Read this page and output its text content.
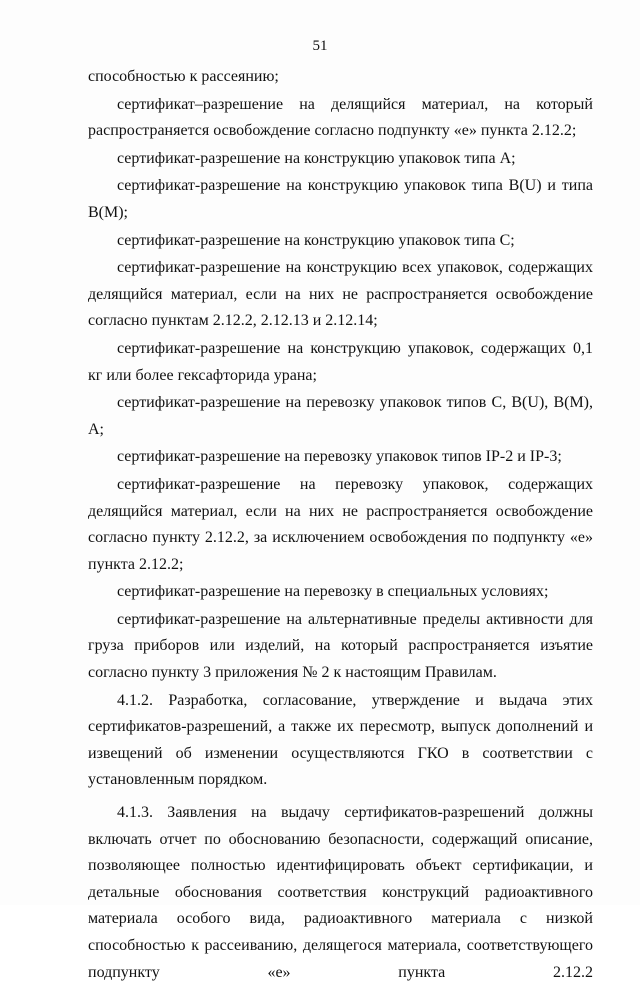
51

способностью к рассеянию;

сертификат–разрешение на делящийся материал, на который распространяется освобождение согласно подпункту «е» пункта 2.12.2;

сертификат-разрешение на конструкцию упаковок типа A;

сертификат-разрешение на конструкцию упаковок типа B(U) и типа B(M);

сертификат-разрешение на конструкцию упаковок типа C;

сертификат-разрешение на конструкцию всех упаковок, содержащих делящийся материал, если на них не распространяется освобождение согласно пунктам 2.12.2, 2.12.13 и 2.12.14;

сертификат-разрешение на конструкцию упаковок, содержащих 0,1 кг или более гексафторида урана;

сертификат-разрешение на перевозку упаковок типов C, B(U), B(M), A;

сертификат-разрешение на перевозку упаковок типов IP-2 и IP-3;

сертификат-разрешение на перевозку упаковок, содержащих делящийся материал, если на них не распространяется освобождение согласно пункту 2.12.2, за исключением освобождения по подпункту «е» пункта 2.12.2;

сертификат-разрешение на перевозку в специальных условиях;

сертификат-разрешение на альтернативные пределы активности для груза приборов или изделий, на который распространяется изъятие согласно пункту 3 приложения № 2 к настоящим Правилам.

4.1.2. Разработка, согласование, утверждение и выдача этих сертификатов-разрешений, а также их пересмотр, выпуск дополнений и извещений об изменении осуществляются ГКО в соответствии с установленным порядком.

4.1.3. Заявления на выдачу сертификатов-разрешений должны включать отчет по обоснованию безопасности, содержащий описание, позволяющее полностью идентифицировать объект сертификации, и детальные обоснования соответствия конструкций радиоактивного материала особого вида, радиоактивного материала с низкой способностью к рассеиванию, делящегося материала, соответствующего подпункту «е» пункта 2.12.2
